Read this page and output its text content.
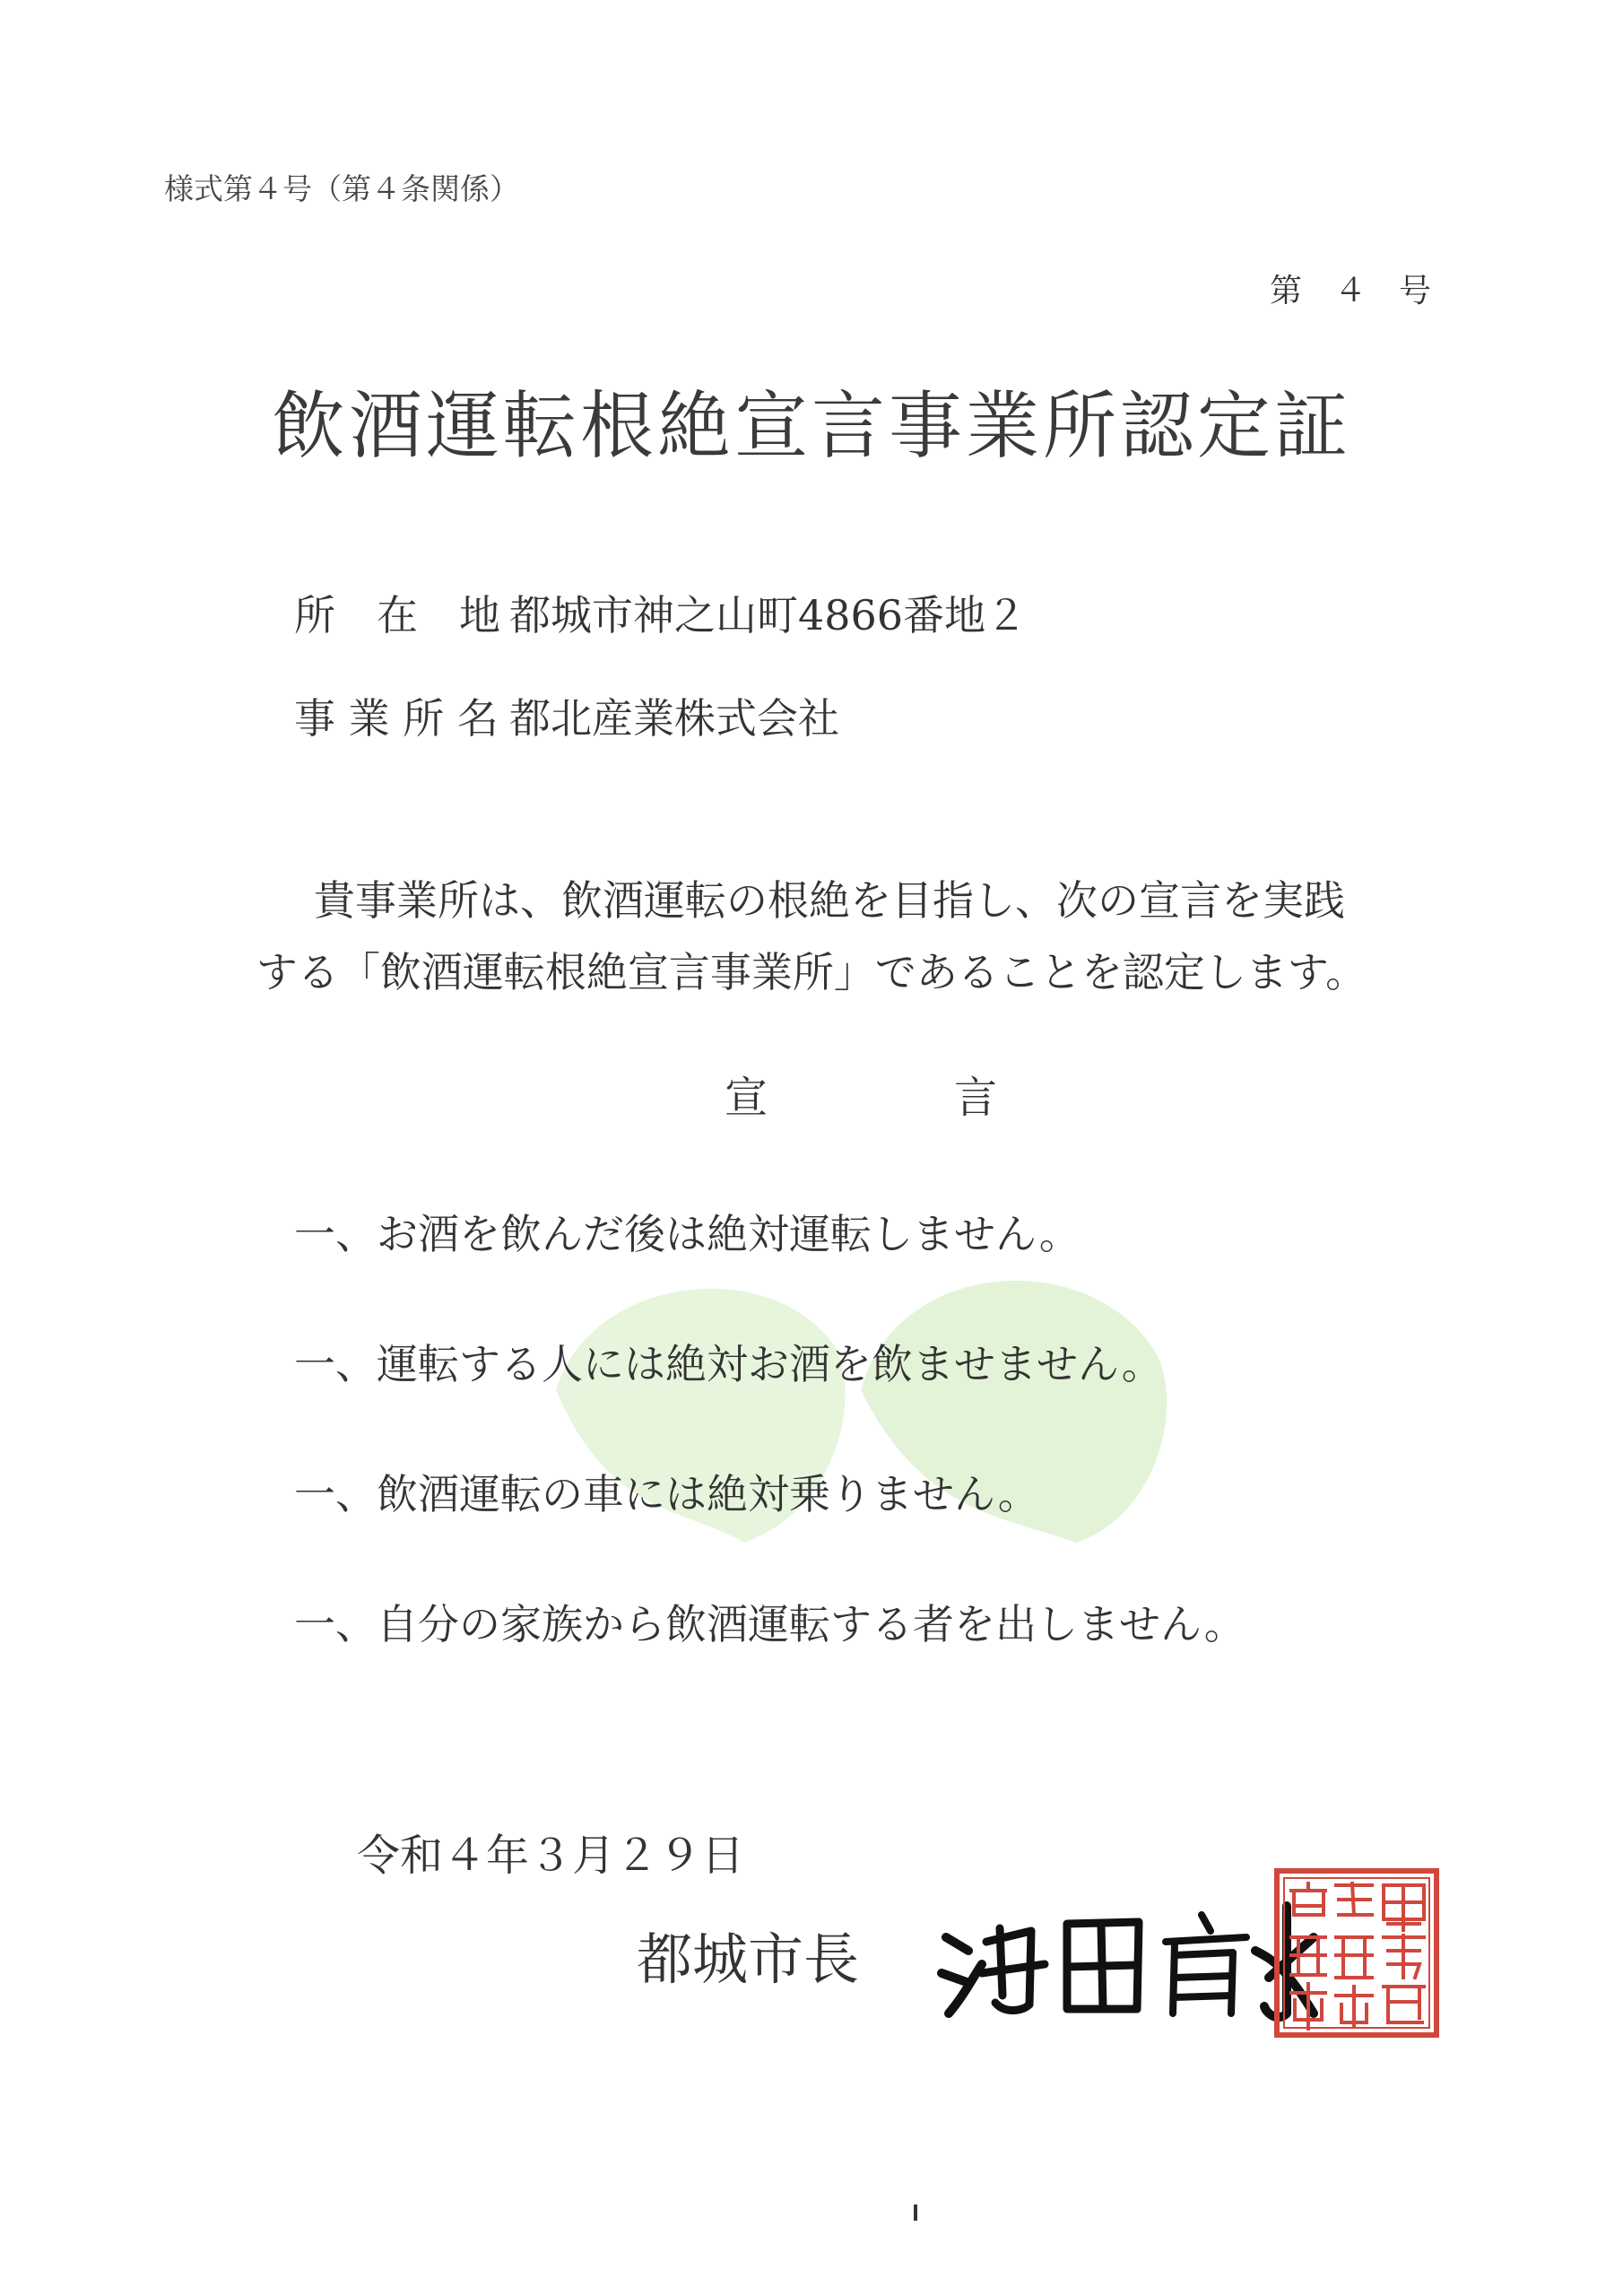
様式第４号（第４条関係）
第　４　号
飲酒運転根絶宣言事業所認定証
所　在　地 都城市神之山町4866番地２
事 業 所 名 都北産業株式会社
貴事業所は、飲酒運転の根絶を目指し、次の宣言を実践
する「飲酒運転根絶宣言事業所」であることを認定します。
宣　言
一、お酒を飲んだ後は絶対運転しません。
一、運転する人には絶対お酒を飲ませません。
一、飲酒運転の車には絶対乗りません。
一、自分の家族から飲酒運転する者を出しません。
令和４年３月２９日
都城市長
